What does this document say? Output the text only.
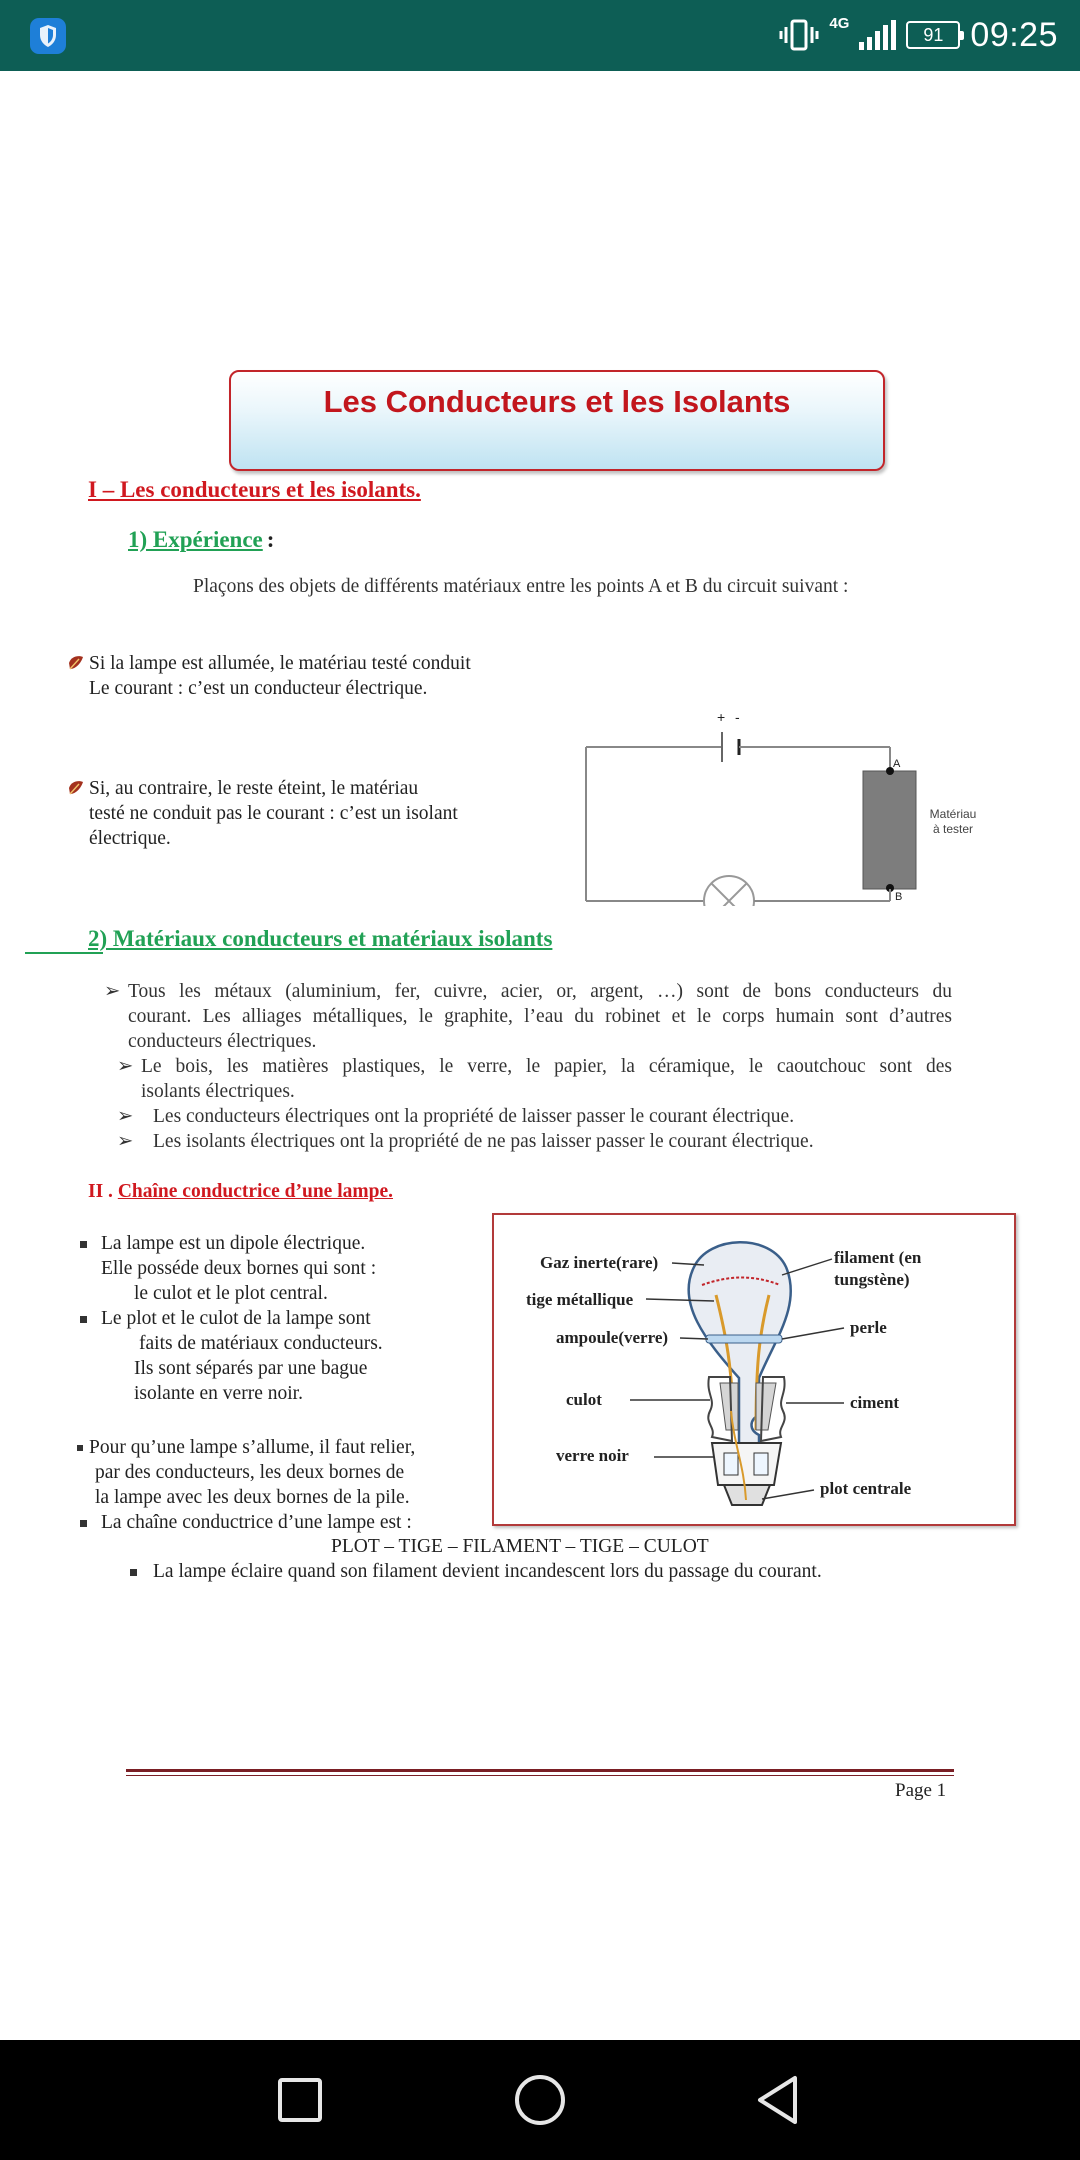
4G
91 09:25
Les Conducteurs et les Isolants
I – Les conducteurs et les isolants.
1) Expérience :
Plaçons des objets de différents matériaux entre les points A et B du circuit suivant :
Si la lampe est allumée, le matériau testé conduit
Le courant : c’est un conducteur électrique.
Si, au contraire, le reste éteint, le matériau
testé ne conduit pas le courant : c’est un isolant
électrique.
+ -
A
B
Matériau
à tester
2) Matériaux conducteurs et matériaux isolants
➢ Tous les métaux (aluminium, fer, cuivre, acier, or, argent, …) sont de bons conducteurs du
courant. Les alliages métalliques, le graphite, l’eau du robinet et le corps humain sont d’autres
conducteurs électriques.
➢ Le bois, les matières plastiques, le verre, le papier, la céramique, le caoutchouc sont des
isolants électriques.
➢	Les conducteurs électriques ont la propriété de laisser passer le courant électrique.
➢	Les isolants électriques ont la propriété de ne pas laisser passer le courant électrique.
II . Chaîne conductrice d’une lampe.
La lampe est un dipole électrique.
Elle posséde deux bornes qui sont :
le culot et le plot central.
Le plot et le culot de la lampe sont
faits de matériaux conducteurs.
Ils sont séparés par une bague
isolante en verre noir.
Gaz inerte(rare)
tige métallique
ampoule(verre)
culot
verre noir
filament (en
tungstène)
perle
ciment
plot centrale
Pour qu’une lampe s’allume, il faut relier,
par des conducteurs, les deux bornes de
la lampe avec les deux bornes de la pile.
La chaîne conductrice d’une lampe est :
PLOT – TIGE – FILAMENT – TIGE – CULOT
La lampe éclaire quand son filament devient incandescent lors du passage du courant.
Page 1
